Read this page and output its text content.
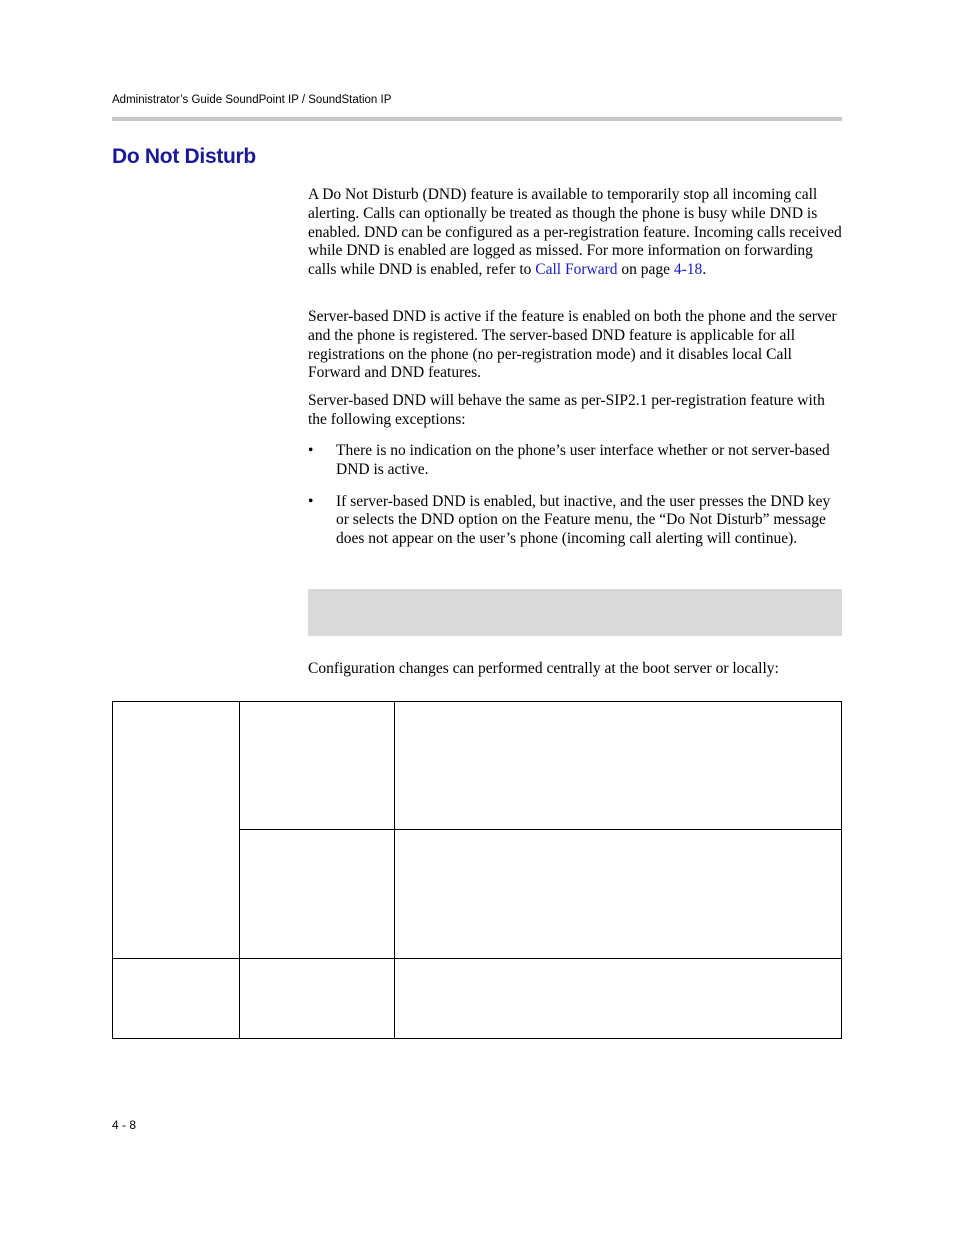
Administrator’s Guide SoundPoint IP / SoundStation IP
Do Not Disturb

A Do Not Disturb (DND) feature is available to temporarily stop all incoming call alerting. Calls can optionally be treated as though the phone is busy while DND is enabled. DND can be configured as a per-registration feature. Incoming calls received while DND is enabled are logged as missed. For more information on forwarding calls while DND is enabled, refer to Call Forward on page 4-18.

Server-based DND is active if the feature is enabled on both the phone and the server and the phone is registered. The server-based DND feature is applicable for all registrations on the phone (no per-registration mode) and it disables local Call Forward and DND features.

Server-based DND will behave the same as per-SIP2.1 per-registration feature with the following exceptions:

• There is no indication on the phone’s user interface whether or not server-based DND is active.
• If server-based DND is enabled, but inactive, and the user presses the DND key or selects the DND option on the Feature menu, the “Do Not Disturb” message does not appear on the user’s phone (incoming call alerting will continue).

Configuration changes can performed centrally at the boot server or locally:

4 - 8
